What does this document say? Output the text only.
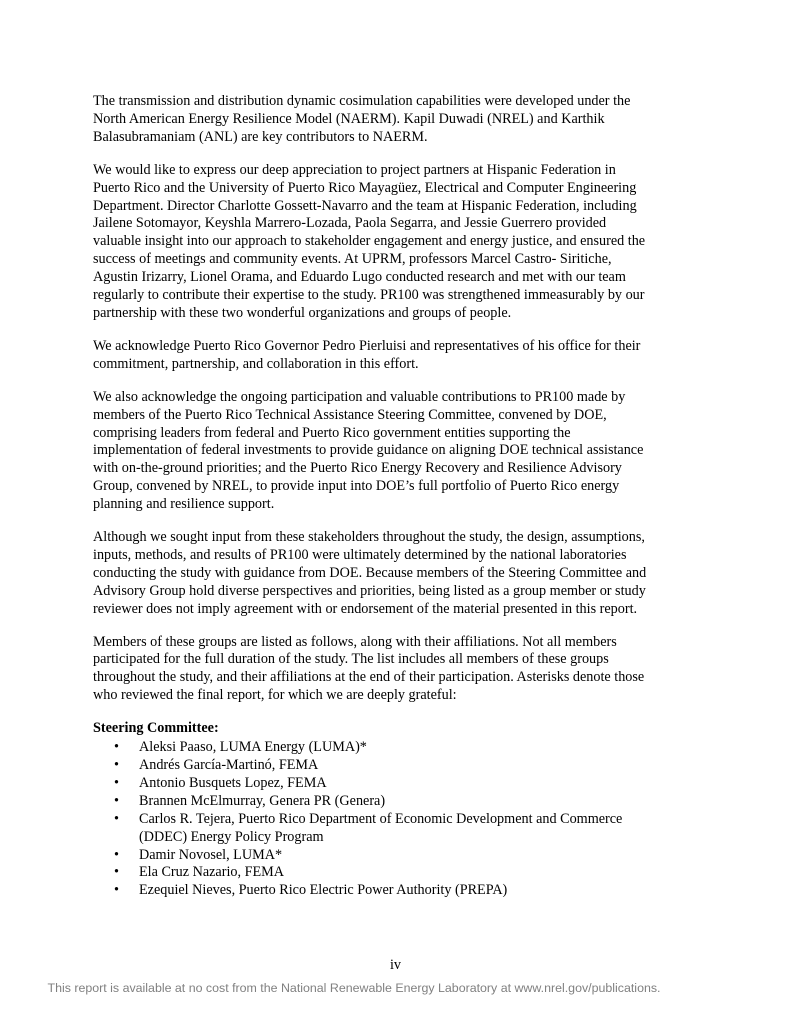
The transmission and distribution dynamic cosimulation capabilities were developed under the
North American Energy Resilience Model (NAERM). Kapil Duwadi (NREL) and Karthik
Balasubramaniam (ANL) are key contributors to NAERM.

We would like to express our deep appreciation to project partners at Hispanic Federation in
Puerto Rico and the University of Puerto Rico Mayagüez, Electrical and Computer Engineering
Department. Director Charlotte Gossett-Navarro and the team at Hispanic Federation, including
Jailene Sotomayor, Keyshla Marrero-Lozada, Paola Segarra, and Jessie Guerrero provided
valuable insight into our approach to stakeholder engagement and energy justice, and ensured the
success of meetings and community events. At UPRM, professors Marcel Castro- Siritiche,
Agustin Irizarry, Lionel Orama, and Eduardo Lugo conducted research and met with our team
regularly to contribute their expertise to the study. PR100 was strengthened immeasurably by our
partnership with these two wonderful organizations and groups of people.

We acknowledge Puerto Rico Governor Pedro Pierluisi and representatives of his office for their
commitment, partnership, and collaboration in this effort.

We also acknowledge the ongoing participation and valuable contributions to PR100 made by
members of the Puerto Rico Technical Assistance Steering Committee, convened by DOE,
comprising leaders from federal and Puerto Rico government entities supporting the
implementation of federal investments to provide guidance on aligning DOE technical assistance
with on-the-ground priorities; and the Puerto Rico Energy Recovery and Resilience Advisory
Group, convened by NREL, to provide input into DOE’s full portfolio of Puerto Rico energy
planning and resilience support.

Although we sought input from these stakeholders throughout the study, the design, assumptions,
inputs, methods, and results of PR100 were ultimately determined by the national laboratories
conducting the study with guidance from DOE. Because members of the Steering Committee and
Advisory Group hold diverse perspectives and priorities, being listed as a group member or study
reviewer does not imply agreement with or endorsement of the material presented in this report.

Members of these groups are listed as follows, along with their affiliations. Not all members
participated for the full duration of the study. The list includes all members of these groups
throughout the study, and their affiliations at the end of their participation. Asterisks denote those
who reviewed the final report, for which we are deeply grateful:

Steering Committee:
• Aleksi Paaso, LUMA Energy (LUMA)*
• Andrés García-Martinó, FEMA
• Antonio Busquets Lopez, FEMA
• Brannen McElmurray, Genera PR (Genera)
• Carlos R. Tejera, Puerto Rico Department of Economic Development and Commerce
(DDEC) Energy Policy Program
• Damir Novosel, LUMA*
• Ela Cruz Nazario, FEMA
• Ezequiel Nieves, Puerto Rico Electric Power Authority (PREPA)
iv
This report is available at no cost from the National Renewable Energy Laboratory at www.nrel.gov/publications.
